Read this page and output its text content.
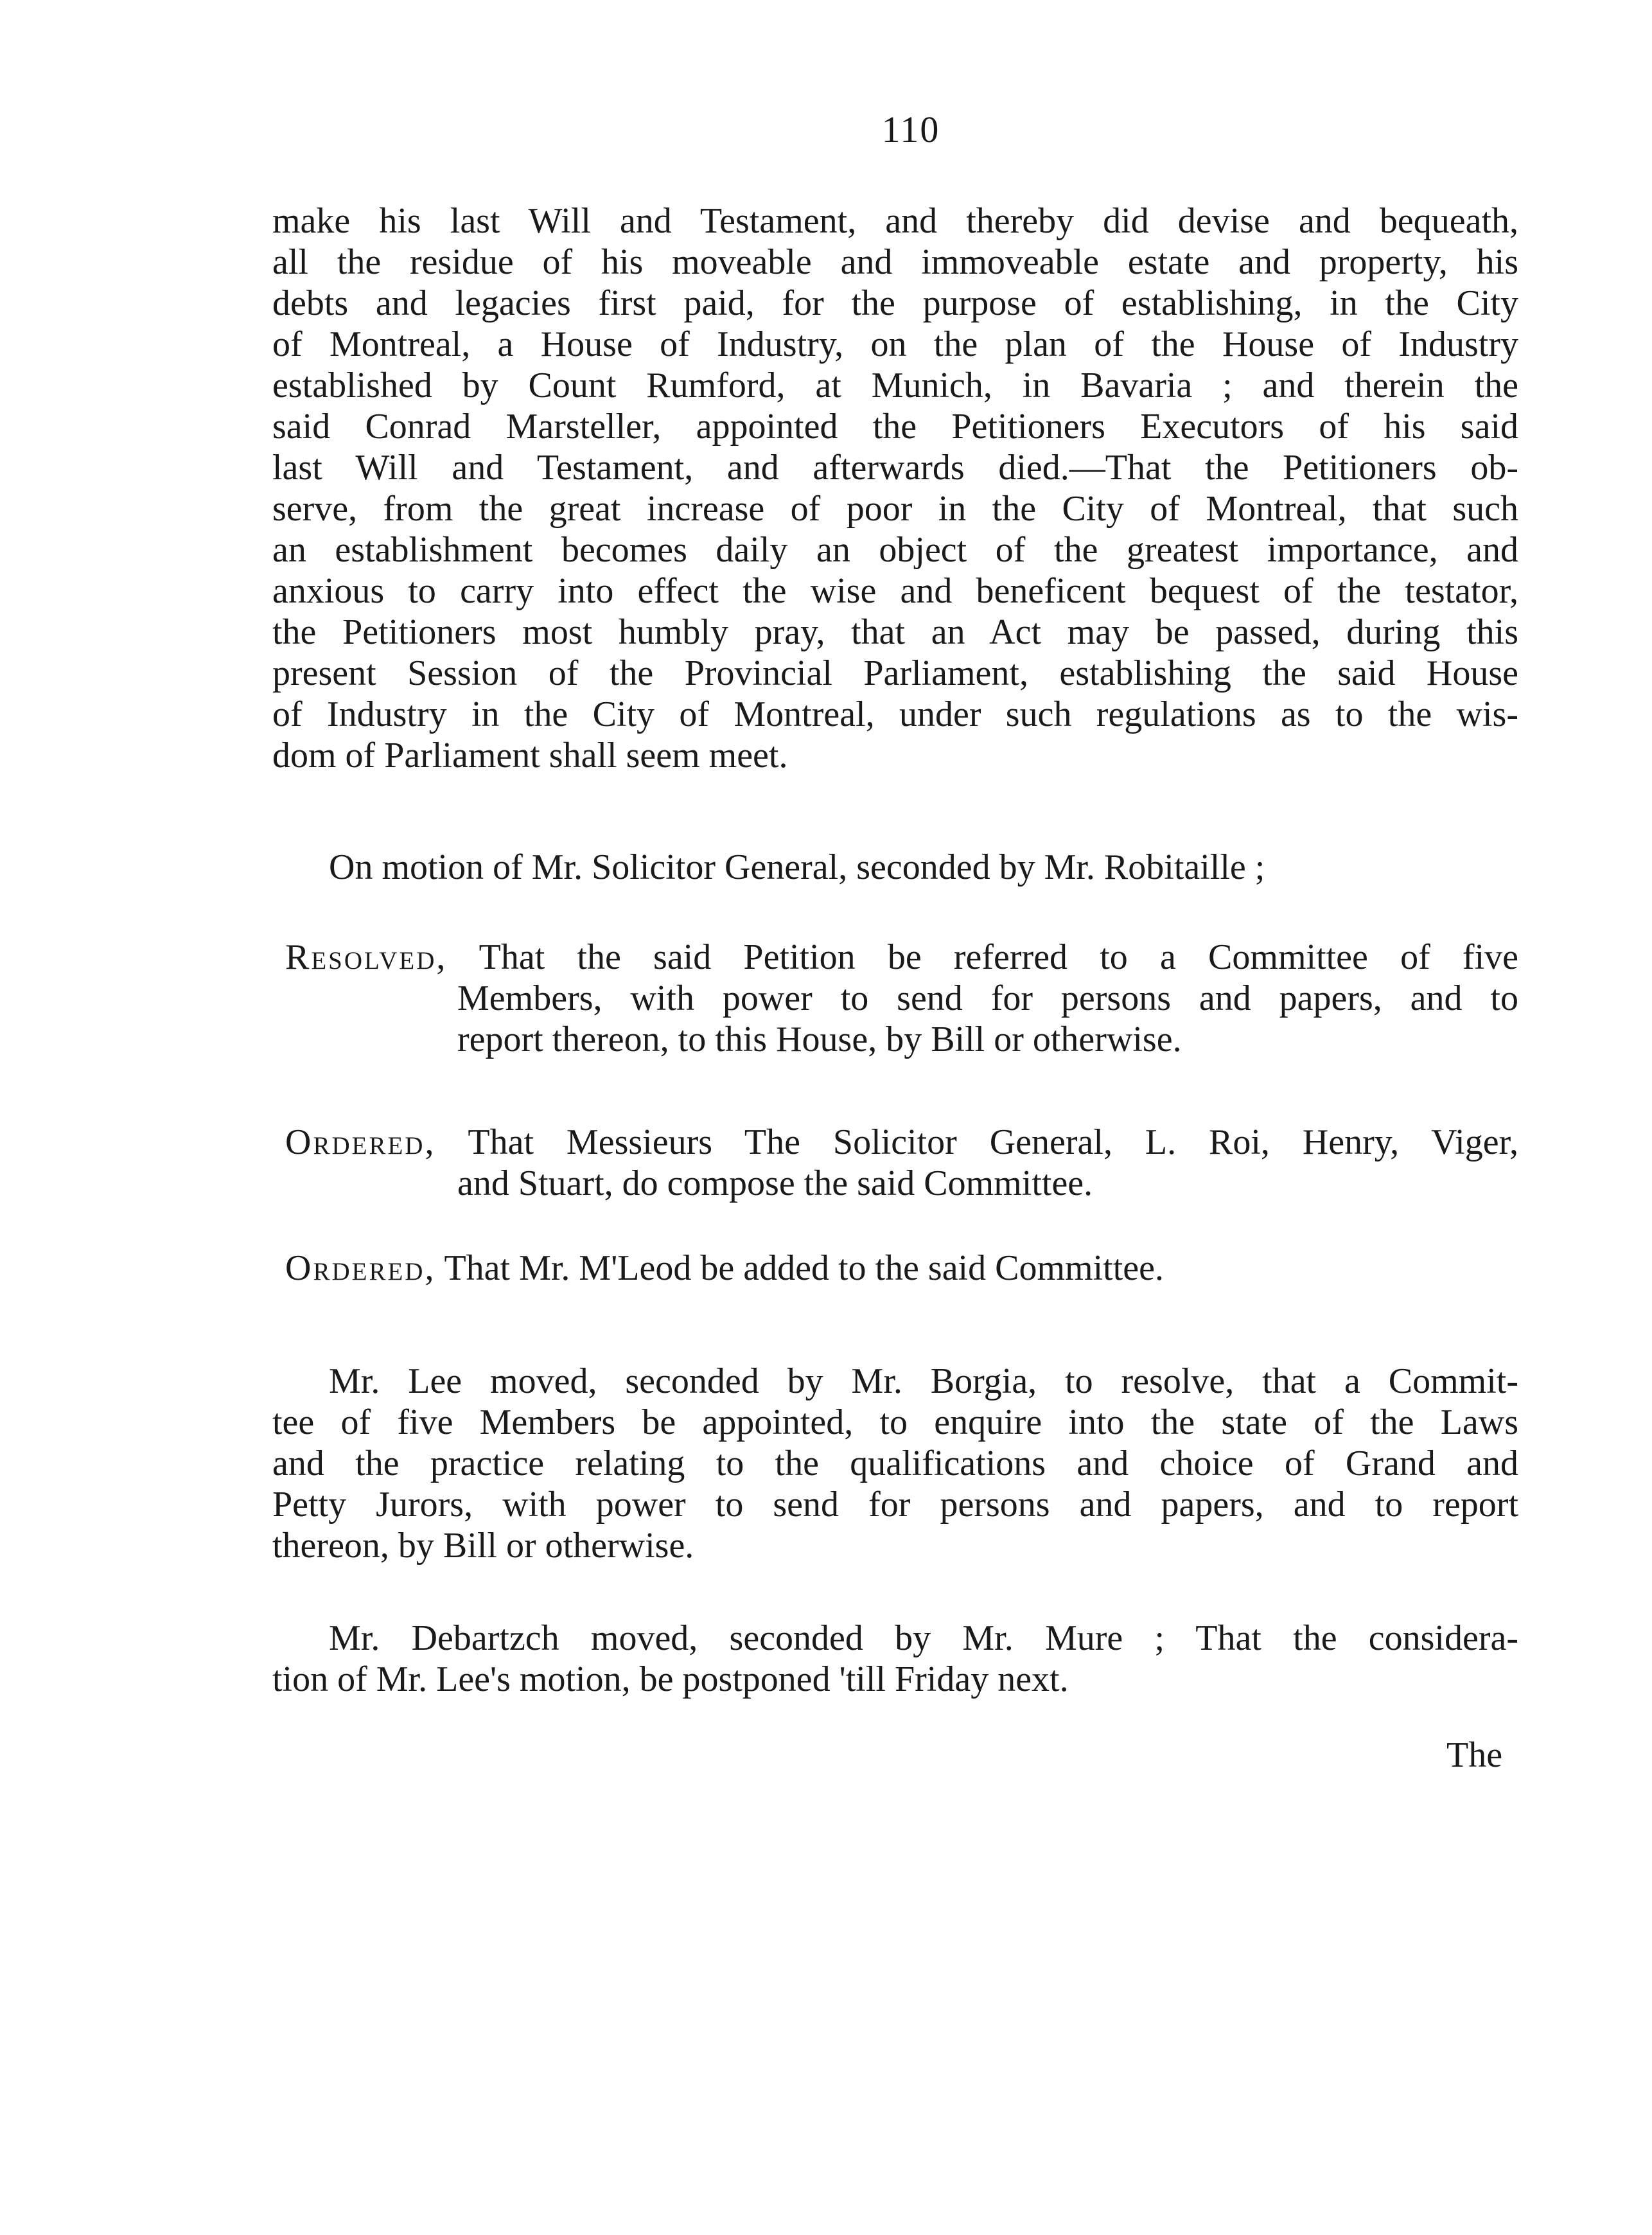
110
make his last Will and Testament, and thereby did devise and bequeath,
all the residue of his moveable and immoveable estate and property, his
debts and legacies first paid, for the purpose of establishing, in the City
of Montreal, a House of Industry, on the plan of the House of Industry
established by Count Rumford, at Munich, in Bavaria ; and therein the
said Conrad Marsteller, appointed the Petitioners Executors of his said
last Will and Testament, and afterwards died.—That the Petitioners ob-
serve, from the great increase of poor in the City of Montreal, that such
an establishment becomes daily an object of the greatest importance, and
anxious to carry into effect the wise and beneficent bequest of the testator,
the Petitioners most humbly pray, that an Act may be passed, during this
present Session of the Provincial Parliament, establishing the said House
of Industry in the City of Montreal, under such regulations as to the wis-
dom of Parliament shall seem meet.
On motion of Mr. Solicitor General, seconded by Mr. Robitaille ;
Resolved, That the said Petition be referred to a Committee of five
Members, with power to send for persons and papers, and to
report thereon, to this House, by Bill or otherwise.
Ordered, That Messieurs The Solicitor General, L. Roi, Henry, Viger,
and Stuart, do compose the said Committee.
Ordered, That Mr. M'Leod be added to the said Committee.
Mr. Lee moved, seconded by Mr. Borgia, to resolve, that a Commit-
tee of five Members be appointed, to enquire into the state of the Laws
and the practice relating to the qualifications and choice of Grand and
Petty Jurors, with power to send for persons and papers, and to report
thereon, by Bill or otherwise.
Mr. Debartzch moved, seconded by Mr. Mure ; That the considera-
tion of Mr. Lee's motion, be postponed 'till Friday next.
The
